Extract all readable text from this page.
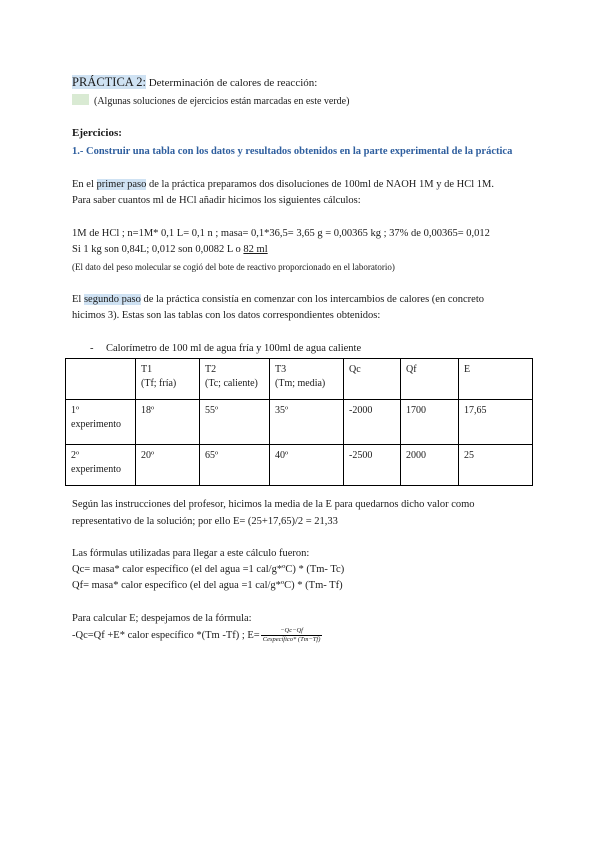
PRÁCTICA 2: Determinación de calores de reacción:
(Algunas soluciones de ejercicios están marcadas en este verde)
Ejercicios:
1.- Construir una tabla con los datos y resultados obtenidos en la parte experimental de la práctica
En el primer paso de la práctica preparamos dos disoluciones de 100ml de NAOH 1M y de HCl 1M.
Para saber cuantos ml de HCl añadir hicimos los siguientes cálculos:
1M de HCl ; n=1M* 0,1 L= 0,1 n ; masa= 0,1*36,5= 3,65 g = 0,00365 kg ; 37% de 0,00365= 0,012
Si 1 kg son 0,84L; 0,012 son 0,0082 L o 82 ml
(El dato del peso molecular se cogió del bote de reactivo proporcionado en el laboratorio)
El segundo paso de la práctica consistía en comenzar con los intercambios de calores (en concreto
hicimos 3). Estas son las tablas con los datos correspondientes obtenidos:
- Calorímetro de 100 ml de agua fría y 100ml de agua caliente

	T1
(Tf; fría)	T2
(Tc; caliente)	T3
(Tm; media)	Qc	Qf	E

1º
experimento	18º	55º	35º	-2000	1700	17,65
2º
experimento	20º	65º	40º	-2500	2000	25
Según las instrucciones del profesor, hicimos la media de la E para quedarnos dicho valor como
representativo de la solución; por ello E= (25+17,65)/2 = 21,33
Las fórmulas utilizadas para llegar a este cálculo fueron:
Qc= masa* calor específico (el del agua =1 cal/g*ºC) * (Tm- Tc)
Qf= masa* calor específico (el del agua =1 cal/g*ºC) * (Tm- Tf)
Para calcular E; despejamos de la fórmula:
-Qc=Qf +E* calor específico *(Tm -Tf) ; $E= \frac{-Qc-Qf}{\text{Cespecífico* (Tm−Tf)}}$
